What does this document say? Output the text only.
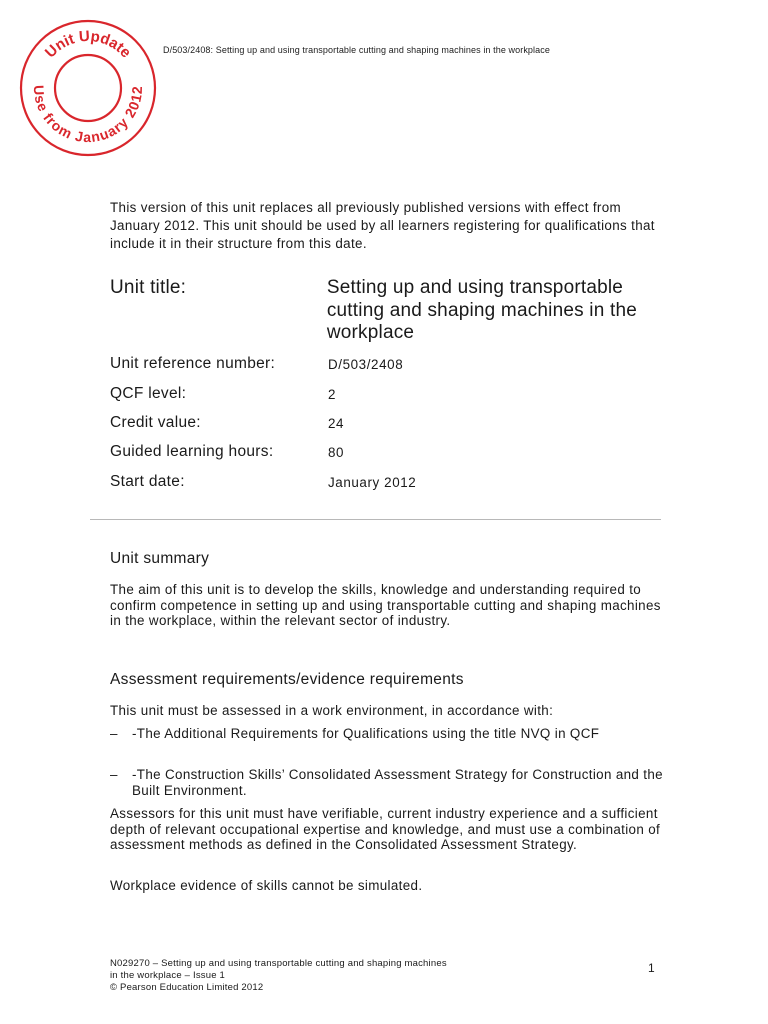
Unit Update
Use from January 2012
D/503/2408: Setting up and using transportable cutting and shaping machines in the workplace
This version of this unit replaces all previously published versions with effect from January 2012. This unit should be used by all learners registering for qualifications that include it in their structure from this date.
Unit title:	Setting up and using transportable cutting and shaping machines in the workplace
Unit reference number:	D/503/2408
QCF level:	2
Credit value:	24
Guided learning hours:	80
Start date:	January 2012
Unit summary
The aim of this unit is to develop the skills, knowledge and understanding required to confirm competence in setting up and using transportable cutting and shaping machines in the workplace, within the relevant sector of industry.
Assessment requirements/evidence requirements
This unit must be assessed in a work environment, in accordance with:
–	-The Additional Requirements for Qualifications using the title NVQ in QCF
–	-The Construction Skills’ Consolidated Assessment Strategy for Construction and the Built Environment.
Assessors for this unit must have verifiable, current industry experience and a sufficient depth of relevant occupational expertise and knowledge, and must use a combination of assessment methods as defined in the Consolidated Assessment Strategy.
Workplace evidence of skills cannot be simulated.
N029270 – Setting up and using transportable cutting and shaping machines
in the workplace – Issue 1
© Pearson Education Limited 2012
1
